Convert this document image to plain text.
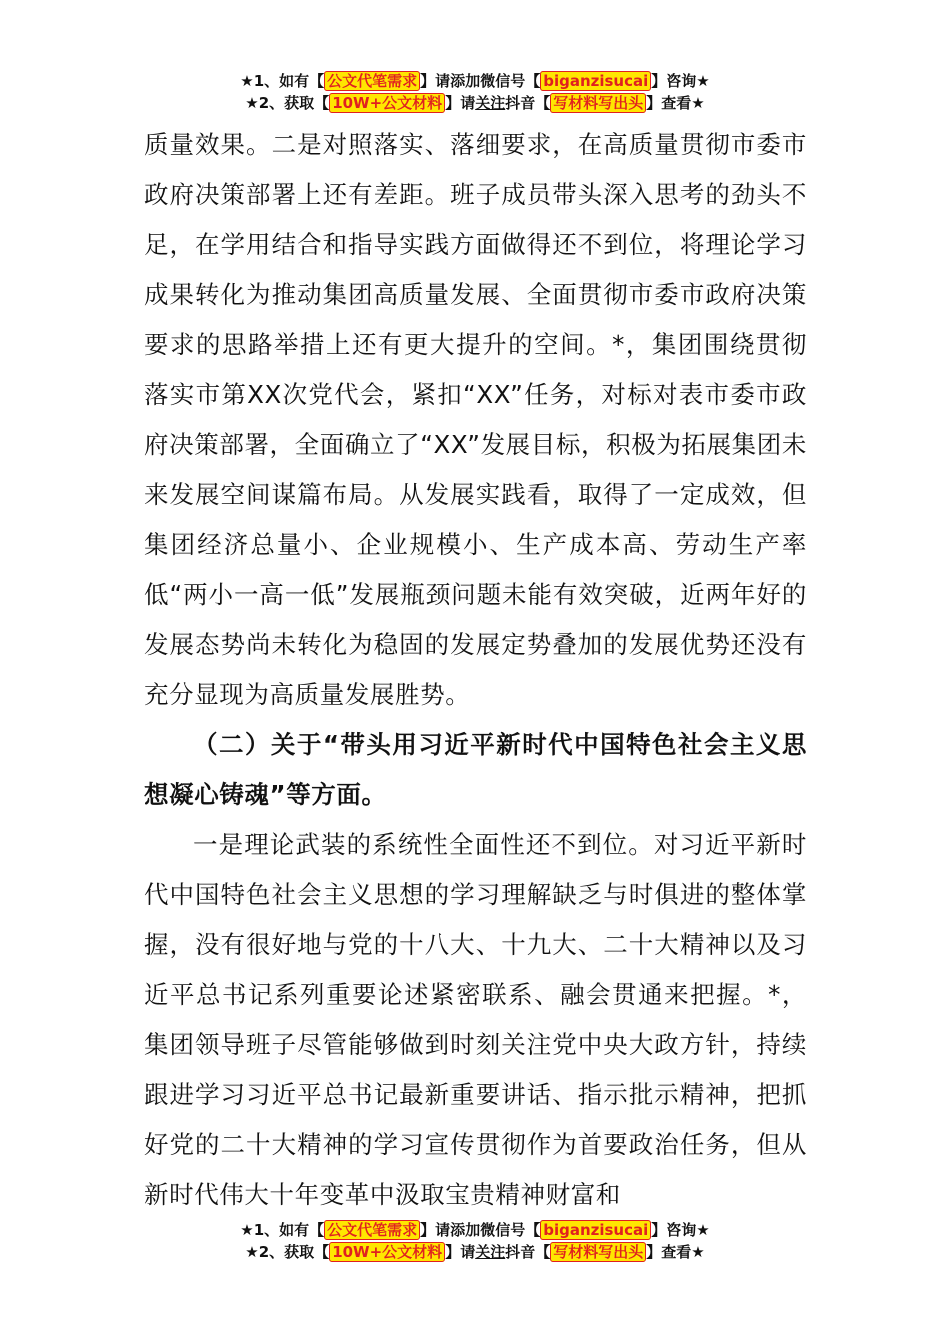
★1、如有【 公文代笔需求 】请添加微信号【 biganzisucai 】咨询★
★2、获取【 10W+公文材料 】请关注抖音【 写材料写出头 】查看★

质量效果。二是对照落实、落细要求，在高质量贯彻市委市政府决策部署上还有差距。班子成员带头深入思考的劲头不足，在学用结合和指导实践方面做得还不到位，将理论学习成果转化为推动集团高质量发展、全面贯彻市委市政府决策要求的思路举措上还有更大提升的空间。*，集团围绕贯彻落实市第XX次党代会，紧扣“XX”任务，对标对表市委市政府决策部署，全面确立了“XX”发展目标，积极为拓展集团未来发展空间谋篇布局。从发展实践看，取得了一定成效，但集团经济总量小、企业规模小、生产成本高、劳动生产率低“两小一高一低”发展瓶颈问题未能有效突破，近两年好的发展态势尚未转化为稳固的发展定势叠加的发展优势还没有充分显现为高质量发展胜势。

（二）关于“带头用习近平新时代中国特色社会主义思想凝心铸魂”等方面。

一是理论武装的系统性全面性还不到位。对习近平新时代中国特色社会主义思想的学习理解缺乏与时俱进的整体掌握，没有很好地与党的十八大、十九大、二十大精神以及习近平总书记系列重要论述紧密联系、融会贯通来把握。*，集团领导班子尽管能够做到时刻关注党中央大政方针，持续跟进学习习近平总书记最新重要讲话、指示批示精神，把抓好党的二十大精神的学习宣传贯彻作为首要政治任务，但从新时代伟大十年变革中汲取宝贵精神财富和

★1、如有【 公文代笔需求 】请添加微信号【 biganzisucai 】咨询★
★2、获取【 10W+公文材料 】请关注抖音【 写材料写出头 】查看★
